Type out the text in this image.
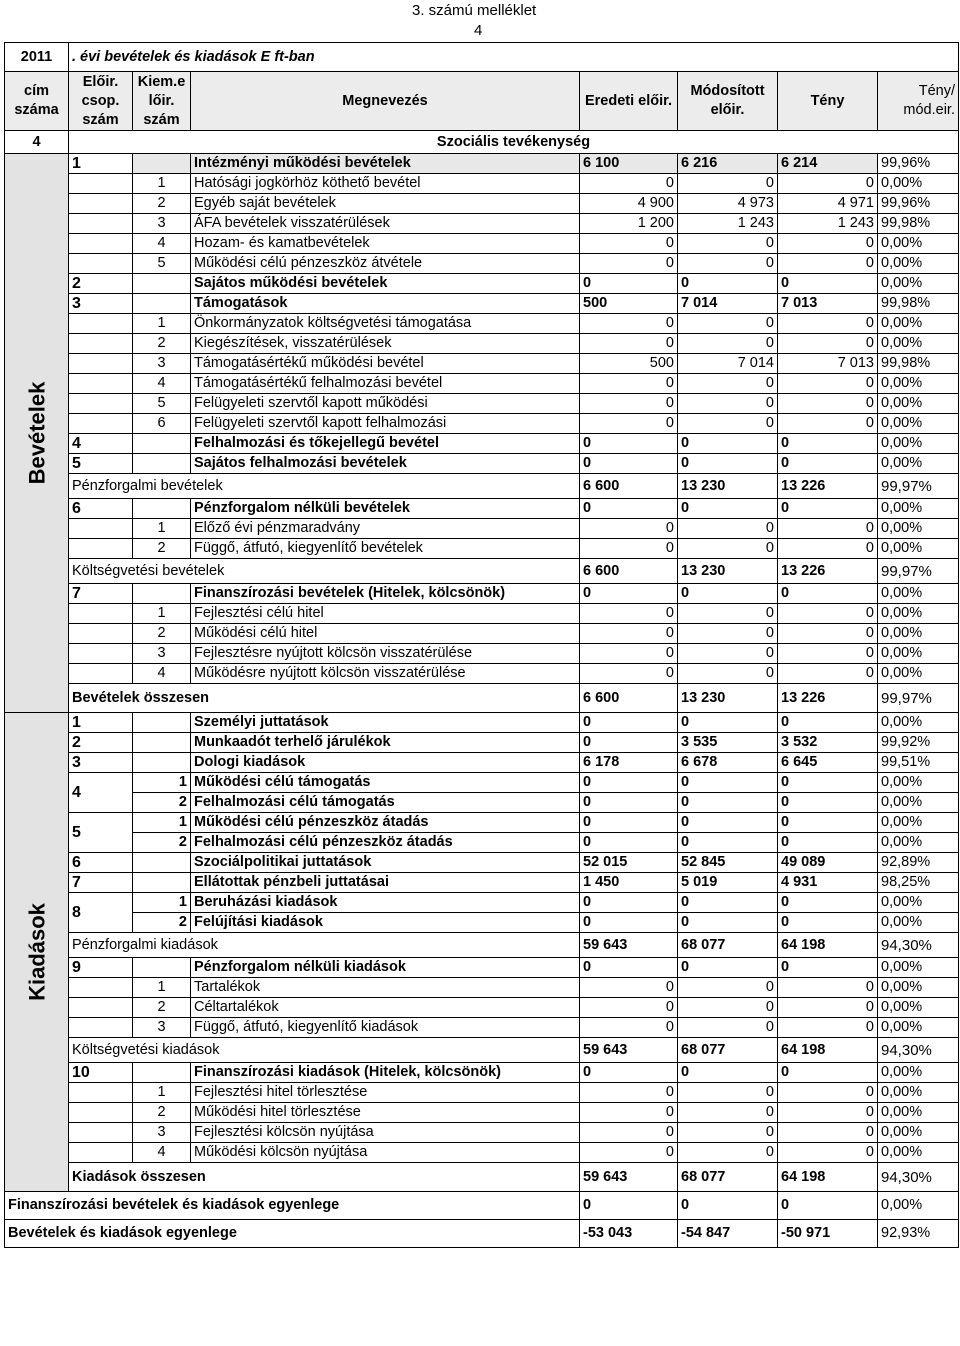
3. számú melléklet
4
2011	. évi bevételek és kiadások E ft-ban						
cím száma	Előir. csop. szám	Kiem.e lőir. szám	Megnevezés	Eredeti előir.	Módosított előir.	Tény	Tény/ mód.eir.
4	Szociális tevékenység						

Bevételek	1		Intézményi működési bevételek	6 100	6 216	6 214	99,96%
		1	Hatósági jogkörhöz köthető bevétel	0	0	0	0,00%
		2	Egyéb saját bevételek	4 900	4 973	4 971	99,96%
		3	ÁFA bevételek visszatérülések	1 200	1 243	1 243	99,98%
		4	Hozam- és kamatbevételek	0	0	0	0,00%
		5	Működési célú pénzeszköz átvétele	0	0	0	0,00%
	2		Sajátos működési bevételek	0	0	0	0,00%
	3		Támogatások	500	7 014	7 013	99,98%
		1	Önkormányzatok költségvetési támogatása	0	0	0	0,00%
		2	Kiegészítések, visszatérülések	0	0	0	0,00%
		3	Támogatásértékű működési bevétel	500	7 014	7 013	99,98%
		4	Támogatásértékű felhalmozási bevétel	0	0	0	0,00%
		5	Felügyeleti szervtől kapott működési	0	0	0	0,00%
		6	Felügyeleti szervtől kapott felhalmozási	0	0	0	0,00%
	4		Felhalmozási és tőkejellegű bevétel	0	0	0	0,00%
	5		Sajátos felhalmozási bevételek	0	0	0	0,00%
	Pénzforgalmi bevételek			6 600	13 230	13 226	99,97%
	6		Pénzforgalom nélküli bevételek	0	0	0	0,00%
		1	Előző évi pénzmaradvány	0	0	0	0,00%
		2	Függő, átfutó, kiegyenlítő bevételek	0	0	0	0,00%
	Költségvetési bevételek			6 600	13 230	13 226	99,97%
	7		Finanszírozási bevételek (Hitelek, kölcsönök)	0	0	0	0,00%
		1	Fejlesztési célú hitel	0	0	0	0,00%
		2	Működési célú hitel	0	0	0	0,00%
		3	Fejlesztésre nyújtott kölcsön visszatérülése	0	0	0	0,00%
		4	Működésre nyújtott kölcsön visszatérülése	0	0	0	0,00%
	Bevételek összesen			6 600	13 230	13 226	99,97%

Kiadások	1		Személyi juttatások	0	0	0	0,00%
	2		Munkaadót terhelő járulékok	0	3 535	3 532	99,92%
	3		Dologi kiadások	6 178	6 678	6 645	99,51%
	4	1	Működési célú támogatás	0	0	0	0,00%
		2	Felhalmozási célú támogatás	0	0	0	0,00%
	5	1	Működési célú pénzeszköz átadás	0	0	0	0,00%
		2	Felhalmozási célú pénzeszköz átadás	0	0	0	0,00%
	6		Szociálpolitikai juttatások	52 015	52 845	49 089	92,89%
	7		Ellátottak pénzbeli juttatásai	1 450	5 019	4 931	98,25%
	8	1	Beruházási kiadások	0	0	0	0,00%
		2	Felújítási kiadások	0	0	0	0,00%
	Pénzforgalmi kiadások			59 643	68 077	64 198	94,30%
	9		Pénzforgalom nélküli kiadások	0	0	0	0,00%
		1	Tartalékok	0	0	0	0,00%
		2	Céltartalékok	0	0	0	0,00%
		3	Függő, átfutó, kiegyenlítő kiadások	0	0	0	0,00%
	Költségvetési kiadások			59 643	68 077	64 198	94,30%
	10		Finanszírozási kiadások (Hitelek, kölcsönök)	0	0	0	0,00%
		1	Fejlesztési hitel törlesztése	0	0	0	0,00%
		2	Működési hitel törlesztése	0	0	0	0,00%
		3	Fejlesztési kölcsön nyújtása	0	0	0	0,00%
		4	Működési kölcsön nyújtása	0	0	0	0,00%
	Kiadások összesen			59 643	68 077	64 198	94,30%
Finanszírozási bevételek és kiadások egyenlege				0	0	0	0,00%
Bevételek és kiadások egyenlege				-53 043	-54 847	-50 971	92,93%
